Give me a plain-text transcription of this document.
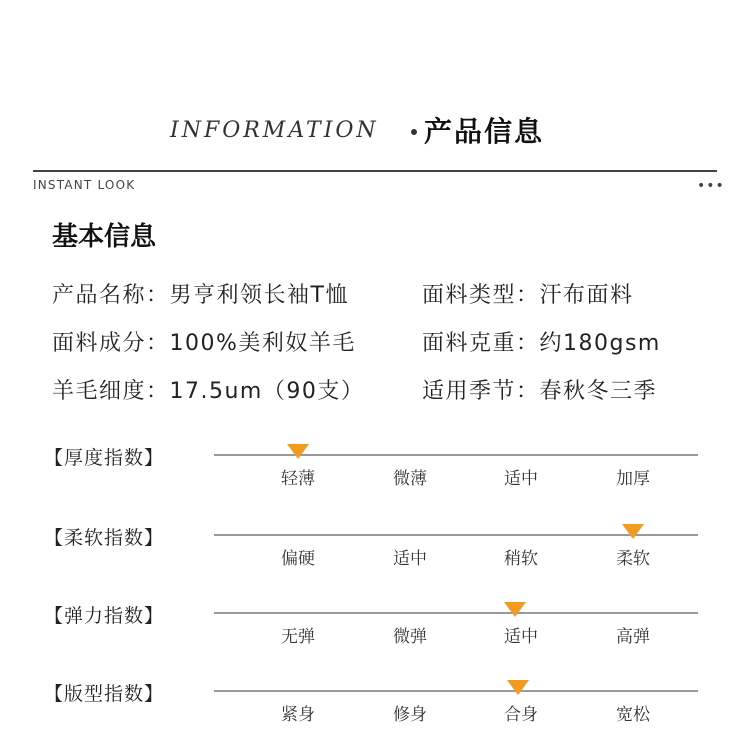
INFORMATION 产品信息
INSTANT LOOK	•••
基本信息
产品名称：男亨利领长袖T恤	面料类型：汗布面料
面料成分：100%美利奴羊毛	面料克重：约180gsm
羊毛细度：17.5um（90支）	适用季节：春秋冬三季
【厚度指数】
轻薄	微薄	适中	加厚
【柔软指数】
偏硬	适中	稍软	柔软
【弹力指数】
无弹	微弹	适中	高弹
【版型指数】
紧身	修身	合身	宽松
